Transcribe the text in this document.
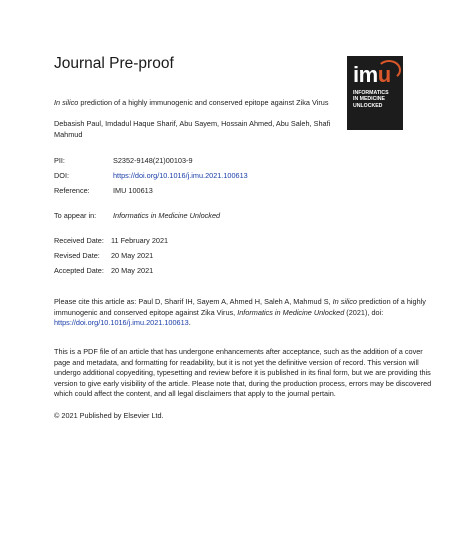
Journal Pre-proof	imu
INFORMATICS
IN MEDICINE
UNLOCKED
In silico prediction of a highly immunogenic and conserved epitope against Zika Virus
Debasish Paul, Imdadul Haque Sharif, Abu Sayem, Hossain Ahmed, Abu Saleh, Shafi
Mahmud
PII:	S2352-9148(21)00103-9
DOI:	https://doi.org/10.1016/j.imu.2021.100613
Reference:	IMU 100613
To appear in: Informatics in Medicine Unlocked
Received Date: 11 February 2021
Revised Date: 20 May 2021
Accepted Date: 20 May 2021
Please cite this article as: Paul D, Sharif IH, Sayem A, Ahmed H, Saleh A, Mahmud S, In silico prediction of a highly immunogenic and conserved epitope against Zika Virus, Informatics in Medicine Unlocked (2021), doi: https://doi.org/10.1016/j.imu.2021.100613.
This is a PDF file of an article that has undergone enhancements after acceptance, such as the addition of a cover page and metadata, and formatting for readability, but it is not yet the definitive version of record. This version will undergo additional copyediting, typesetting and review before it is published in its final form, but we are providing this version to give early visibility of the article. Please note that, during the production process, errors may be discovered which could affect the content, and all legal disclaimers that apply to the journal pertain.
© 2021 Published by Elsevier Ltd.
